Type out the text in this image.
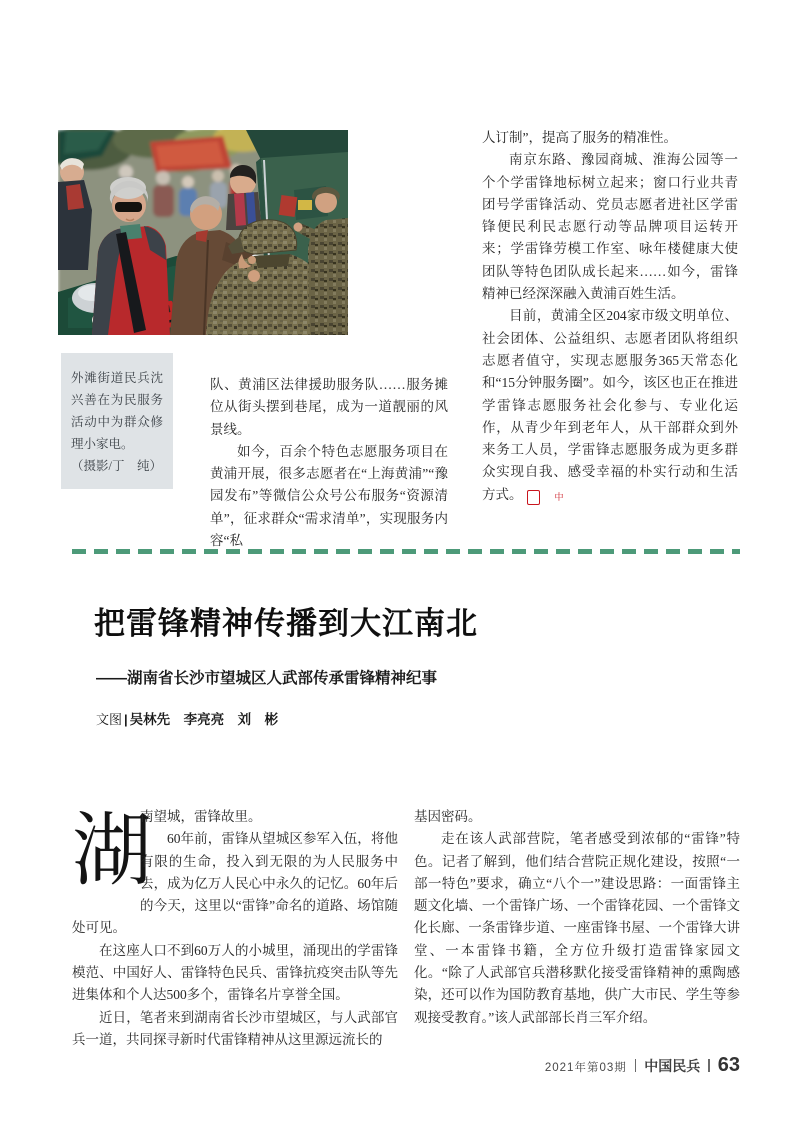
外滩街道民兵沈兴善在为民服务活动中为群众修理小家电。

（摄影/丁　纯）

队、黄浦区法律援助服务队……服务摊位从街头摆到巷尾，成为一道靓丽的风景线。

如今，百余个特色志愿服务项目在黄浦开展，很多志愿者在“上海黄浦”“豫园发布”等微信公众号公布服务“资源清单”，征求群众“需求清单”，实现服务内容“私

人订制”，提高了服务的精准性。

南京东路、豫园商城、淮海公园等一个个学雷锋地标树立起来；窗口行业共青团号学雷锋活动、党员志愿者进社区学雷锋便民利民志愿行动等品牌项目运转开来；学雷锋劳模工作室、咏年楼健康大使团队等特色团队成长起来……如今，雷锋精神已经深深融入黄浦百姓生活。

目前，黄浦全区204家市级文明单位、社会团体、公益组织、志愿者团队将组织志愿者值守，实现志愿服务365天常态化和“15分钟服务圈”。如今，该区也正在推进学雷锋志愿服务社会化参与、专业化运作，从青少年到老年人，从干部群众到外来务工人员，学雷锋志愿服务成为更多群众实现自我、感受幸福的朴实行动和生活方式。	中

把雷锋精神传播到大江南北
——湖南省长沙市望城区人武部传承雷锋精神纪事
文图 | 吴林先　李亮亮　刘　彬
湖

南望城，雷锋故里。

60年前，雷锋从望城区参军入伍，将他有限的生命，投入到无限的为人民服务中去，成为亿万人民心中永久的记忆。60年后的今天，这里以“雷锋”命名的道路、场馆随处可见。

在这座人口不到60万人的小城里，涌现出的学雷锋模范、中国好人、雷锋特色民兵、雷锋抗疫突击队等先进集体和个人达500多个，雷锋名片享誉全国。

近日，笔者来到湖南省长沙市望城区，与人武部官兵一道，共同探寻新时代雷锋精神从这里源远流长的

基因密码。

走在该人武部营院，笔者感受到浓郁的“雷锋”特色。记者了解到，他们结合营院正规化建设，按照“一部一特色”要求，确立“八个一”建设思路：一面雷锋主题文化墙、一个雷锋广场、一个雷锋花园、一个雷锋文化长廊、一条雷锋步道、一座雷锋书屋、一个雷锋大讲堂、一本雷锋书籍，全方位升级打造雷锋家园文化。“除了人武部官兵潜移默化接受雷锋精神的熏陶感染，还可以作为国防教育基地，供广大市民、学生等参观接受教育。”该人武部部长肖三军介绍。

2021年第03期 中国民兵 63
